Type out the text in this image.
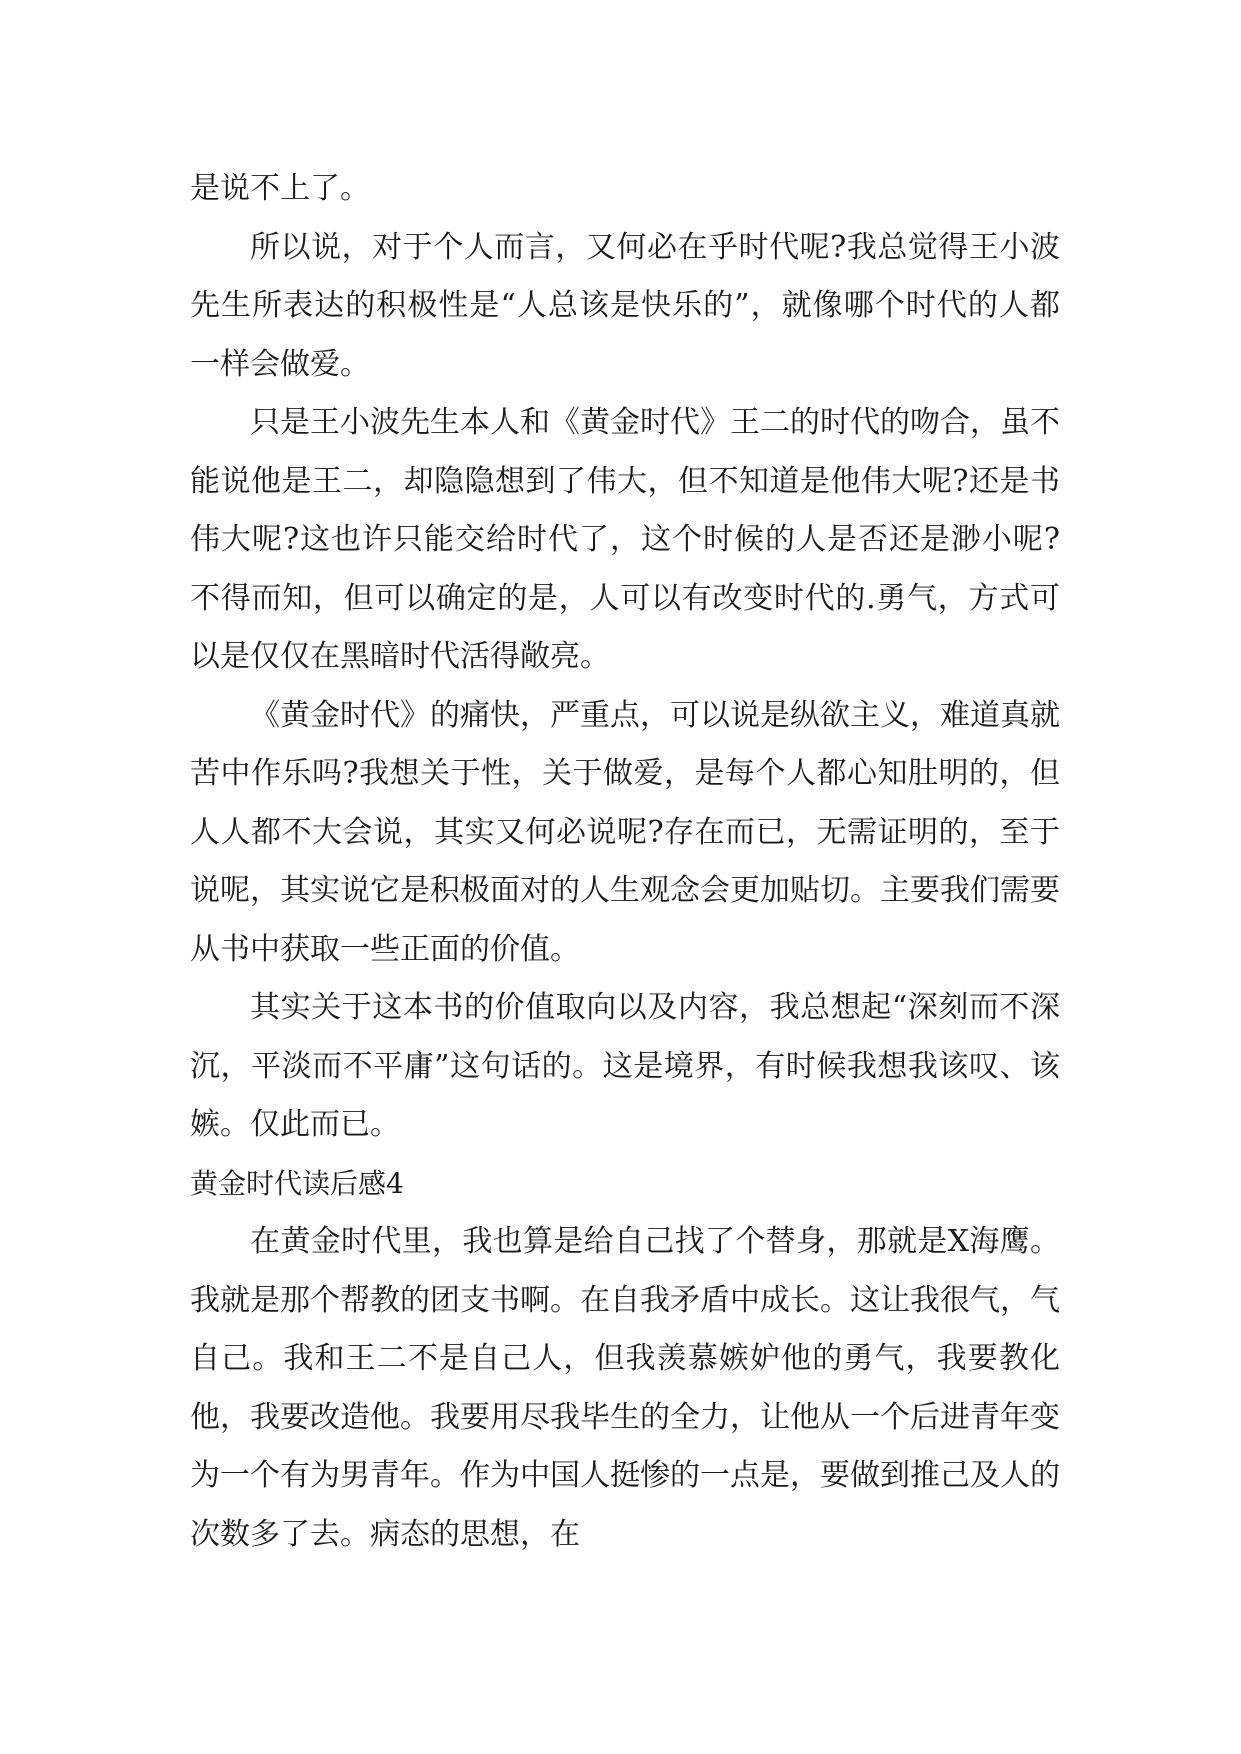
是说不上了。

所以说，对于个人而言，又何必在乎时代呢?我总觉得王小波先生所表达的积极性是“人总该是快乐的”，就像哪个时代的人都一样会做爱。

只是王小波先生本人和《黄金时代》王二的时代的吻合，虽不能说他是王二，却隐隐想到了伟大，但不知道是他伟大呢?还是书伟大呢?这也许只能交给时代了，这个时候的人是否还是渺小呢?不得而知，但可以确定的是，人可以有改变时代的.勇气，方式可以是仅仅在黑暗时代活得敞亮。

《黄金时代》的痛快，严重点，可以说是纵欲主义，难道真就苦中作乐吗?我想关于性，关于做爱，是每个人都心知肚明的，但人人都不大会说，其实又何必说呢?存在而已，无需证明的，至于说呢，其实说它是积极面对的人生观念会更加贴切。主要我们需要从书中获取一些正面的价值。

其实关于这本书的价值取向以及内容，我总想起“深刻而不深沉，平淡而不平庸”这句话的。这是境界，有时候我想我该叹、该嫉。仅此而已。

黄金时代读后感4

在黄金时代里，我也算是给自己找了个替身，那就是X海鹰。我就是那个帮教的团支书啊。在自我矛盾中成长。这让我很气，气自己。我和王二不是自己人，但我羡慕嫉妒他的勇气，我要教化他，我要改造他。我要用尽我毕生的全力，让他从一个后进青年变为一个有为男青年。作为中国人挺惨的一点是，要做到推己及人的次数多了去。病态的思想，在
